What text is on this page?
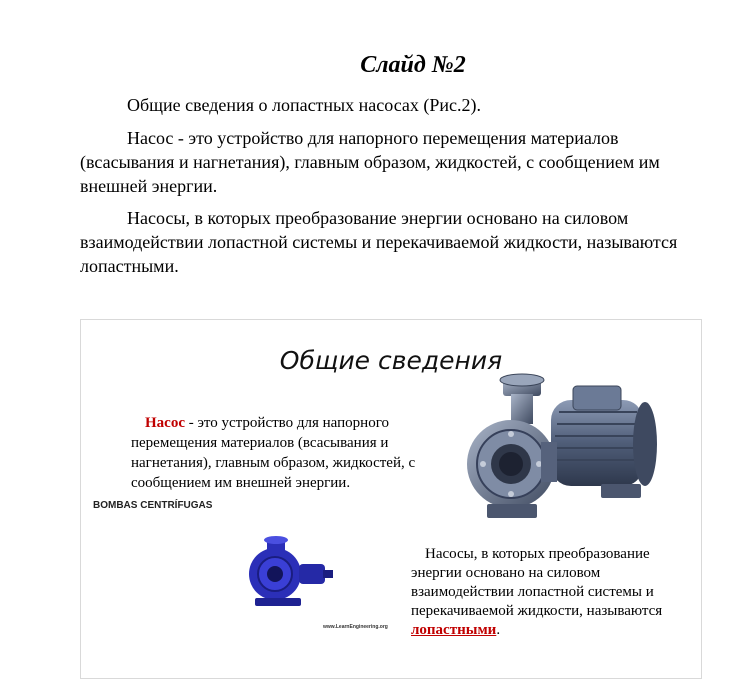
Слайд №2

Общие сведения о лопастных насосах (Рис.2).

Насос - это устройство для напорного перемещения материалов (всасывания и нагнетания), главным образом, жидкостей, с сообщением им внешней энергии.

Насосы, в которых преобразование энергии основано на силовом взаимодействии лопастной системы и перекачиваемой жидкости, называются лопастными.

Общие сведения
Насос - это устройство для напорного перемещения материалов (всасывания и нагнетания), главным образом, жидкостей, с сообщением им внешней энергии.
BOMBAS CENTRÍFUGAS
Насосы, в которых преобразование энергии основано на силовом взаимодействии лопастной системы и перекачиваемой жидкости, называются лопастными.
www.LearnEngineering.org
